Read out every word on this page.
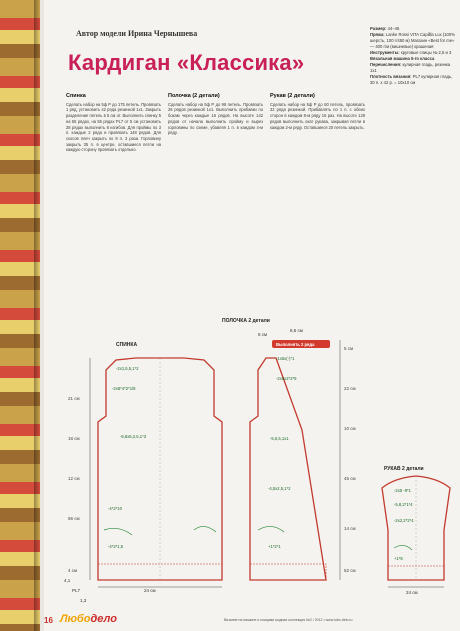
Автор модели Ирина Чернышева
Кардиган «Классика»
Размер: 44–46
Пряжа: Lanke Rossi VITA Capillla Lux (100% шерсть, 100 г/450 м) Магазин «Best for me» — 400 г/м (вишневые) крашеная
Инструменты: круговые спицы № 2,5 и 3
Вязальная машина 5-го класса
Перечисления: кулирная гладь, резинка 1х1
Плотность вязания: PL7 кулирная гладь, 30 п. х 42 р. = 10х10 см
Спинка

Сделать набор на 5ф Р до 175 петель. Провязать 1 ряд, установить 42 ряда резинкой 1х1. Закрыть разделение петель в 5 см от. Выполнить спинку 5 на 55 рядах, на 55 рядах PL7 от 5 см установить 28 рядах выполнить 8 изгибов. Для проймы по 3 п. каждые 2 ряда и провязать 148 рядов. Для скосов плеч закрыть по 8 п. 3 раза. Горловину закрыть 35 п. в центре, оставшиеся петли на каждую сторону провязать отдельно.

Полочка (2 детали)

Сделать набор на 5ф Р до 98 петель. Провязать 28 рядов резинкой 1х1. Выполнить прибавки по бокам через каждые 16 рядов. На высоте 142 рядов от начала выполнить пройму и вырез горловины по схеме, убавляя 1 п. в каждом 4-м ряду.

Рукав (2 детали)

Сделать набор на 5ф Р до 60 петель, провязать 32 ряда резинкой. Прибавлять по 1 п. с обеих сторон в каждом 8-м ряду 15 раз. На высоте 128 рядов выполнить окат рукава, закрывая петли в каждом 2-м ряду. Оставшиеся 20 петель закрыть.

ПОЛОЧКА 2 детали
СПИНКА
РУКАВ 2 детали
-2х1,5,5,1*2
-2х8*4*2*1/8
-5,6х5,2,5,1*3
-4*2*10
-4*2*1,5
24 см
21 см
18 см
12 см
56 см
4 см
Выполнять 2 ряда
-1х5х(-)*1
-2х5х2*2*9
-5,5,5,1х1
-4,5х2,5,1*2
+1*2*1
6 см
8,5 см
5 см
22 см
10 см
45 см
14 см
52 см
-2х5 -9*1
-5,8,2*1*4
-2х2,2*2*4
+1*8
24 см
4,1
PL7
1,3
16 Любодело	Вязание на машине и спицами модная коллекция №2 / 2012 • www.lubo-delo.ru
